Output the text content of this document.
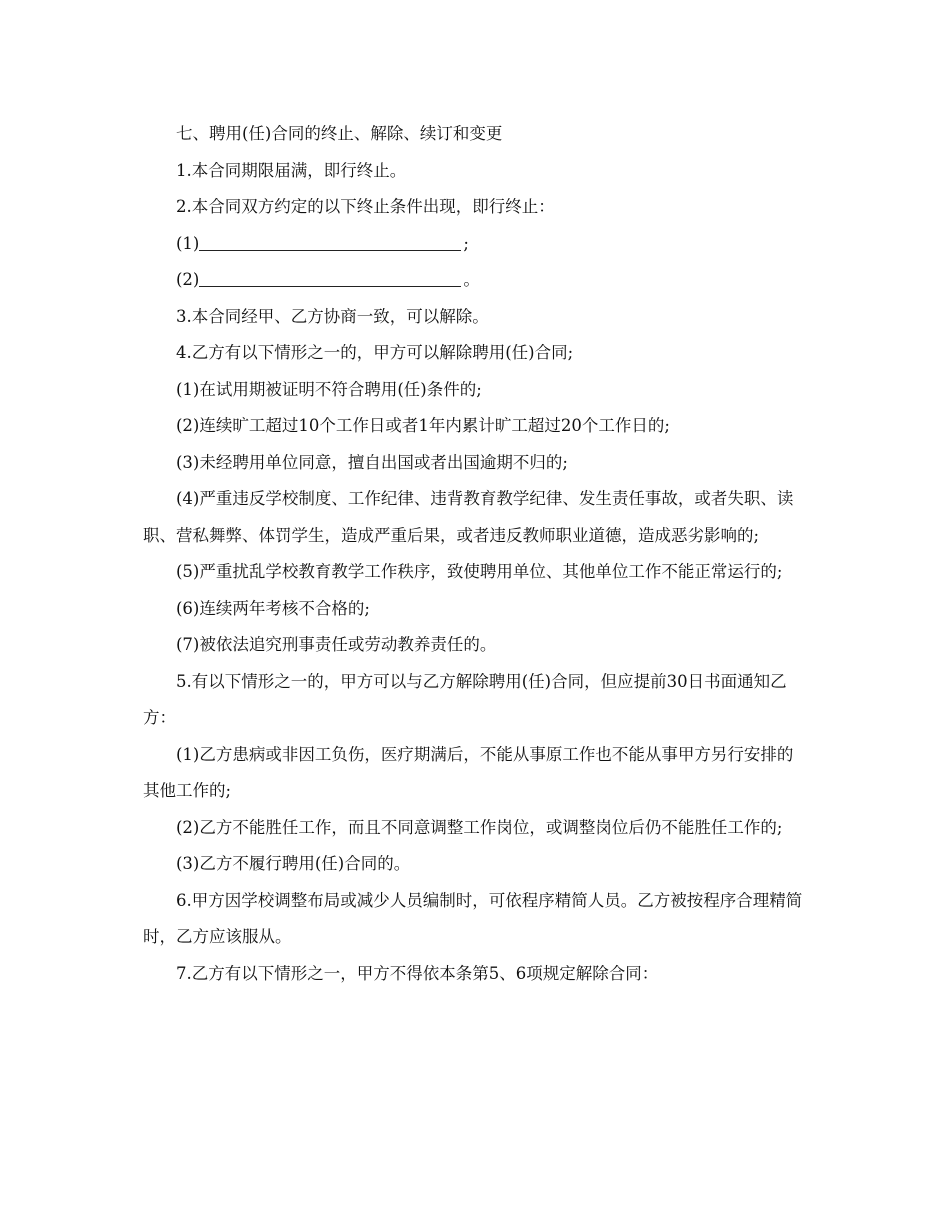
七、聘用(任)合同的终止、解除、续订和变更

1.本合同期限届满，即行终止。

2.本合同双方约定的以下终止条件出现，即行终止：

(1)	;

(2)	。

3.本合同经甲、乙方协商一致，可以解除。

4.乙方有以下情形之一的，甲方可以解除聘用(任)合同;

(1)在试用期被证明不符合聘用(任)条件的;

(2)连续旷工超过10个工作日或者1年内累计旷工超过20个工作日的;

(3)未经聘用单位同意，擅自出国或者出国逾期不归的;

(4)严重违反学校制度、工作纪律、违背教育教学纪律、发生责任事故，或者失职、读职、营私舞弊、体罚学生，造成严重后果，或者违反教师职业道德，造成恶劣影响的;

(5)严重扰乱学校教育教学工作秩序，致使聘用单位、其他单位工作不能正常运行的;

(6)连续两年考核不合格的;

(7)被依法追究刑事责任或劳动教养责任的。

5.有以下情形之一的，甲方可以与乙方解除聘用(任)合同，但应提前30日书面通知乙方：

(1)乙方患病或非因工负伤，医疗期满后，不能从事原工作也不能从事甲方另行安排的其他工作的;

(2)乙方不能胜任工作，而且不同意调整工作岗位，或调整岗位后仍不能胜任工作的;

(3)乙方不履行聘用(任)合同的。

6.甲方因学校调整布局或减少人员编制时，可依程序精简人员。乙方被按程序合理精简时，乙方应该服从。

7.乙方有以下情形之一，甲方不得依本条第5、6项规定解除合同：
